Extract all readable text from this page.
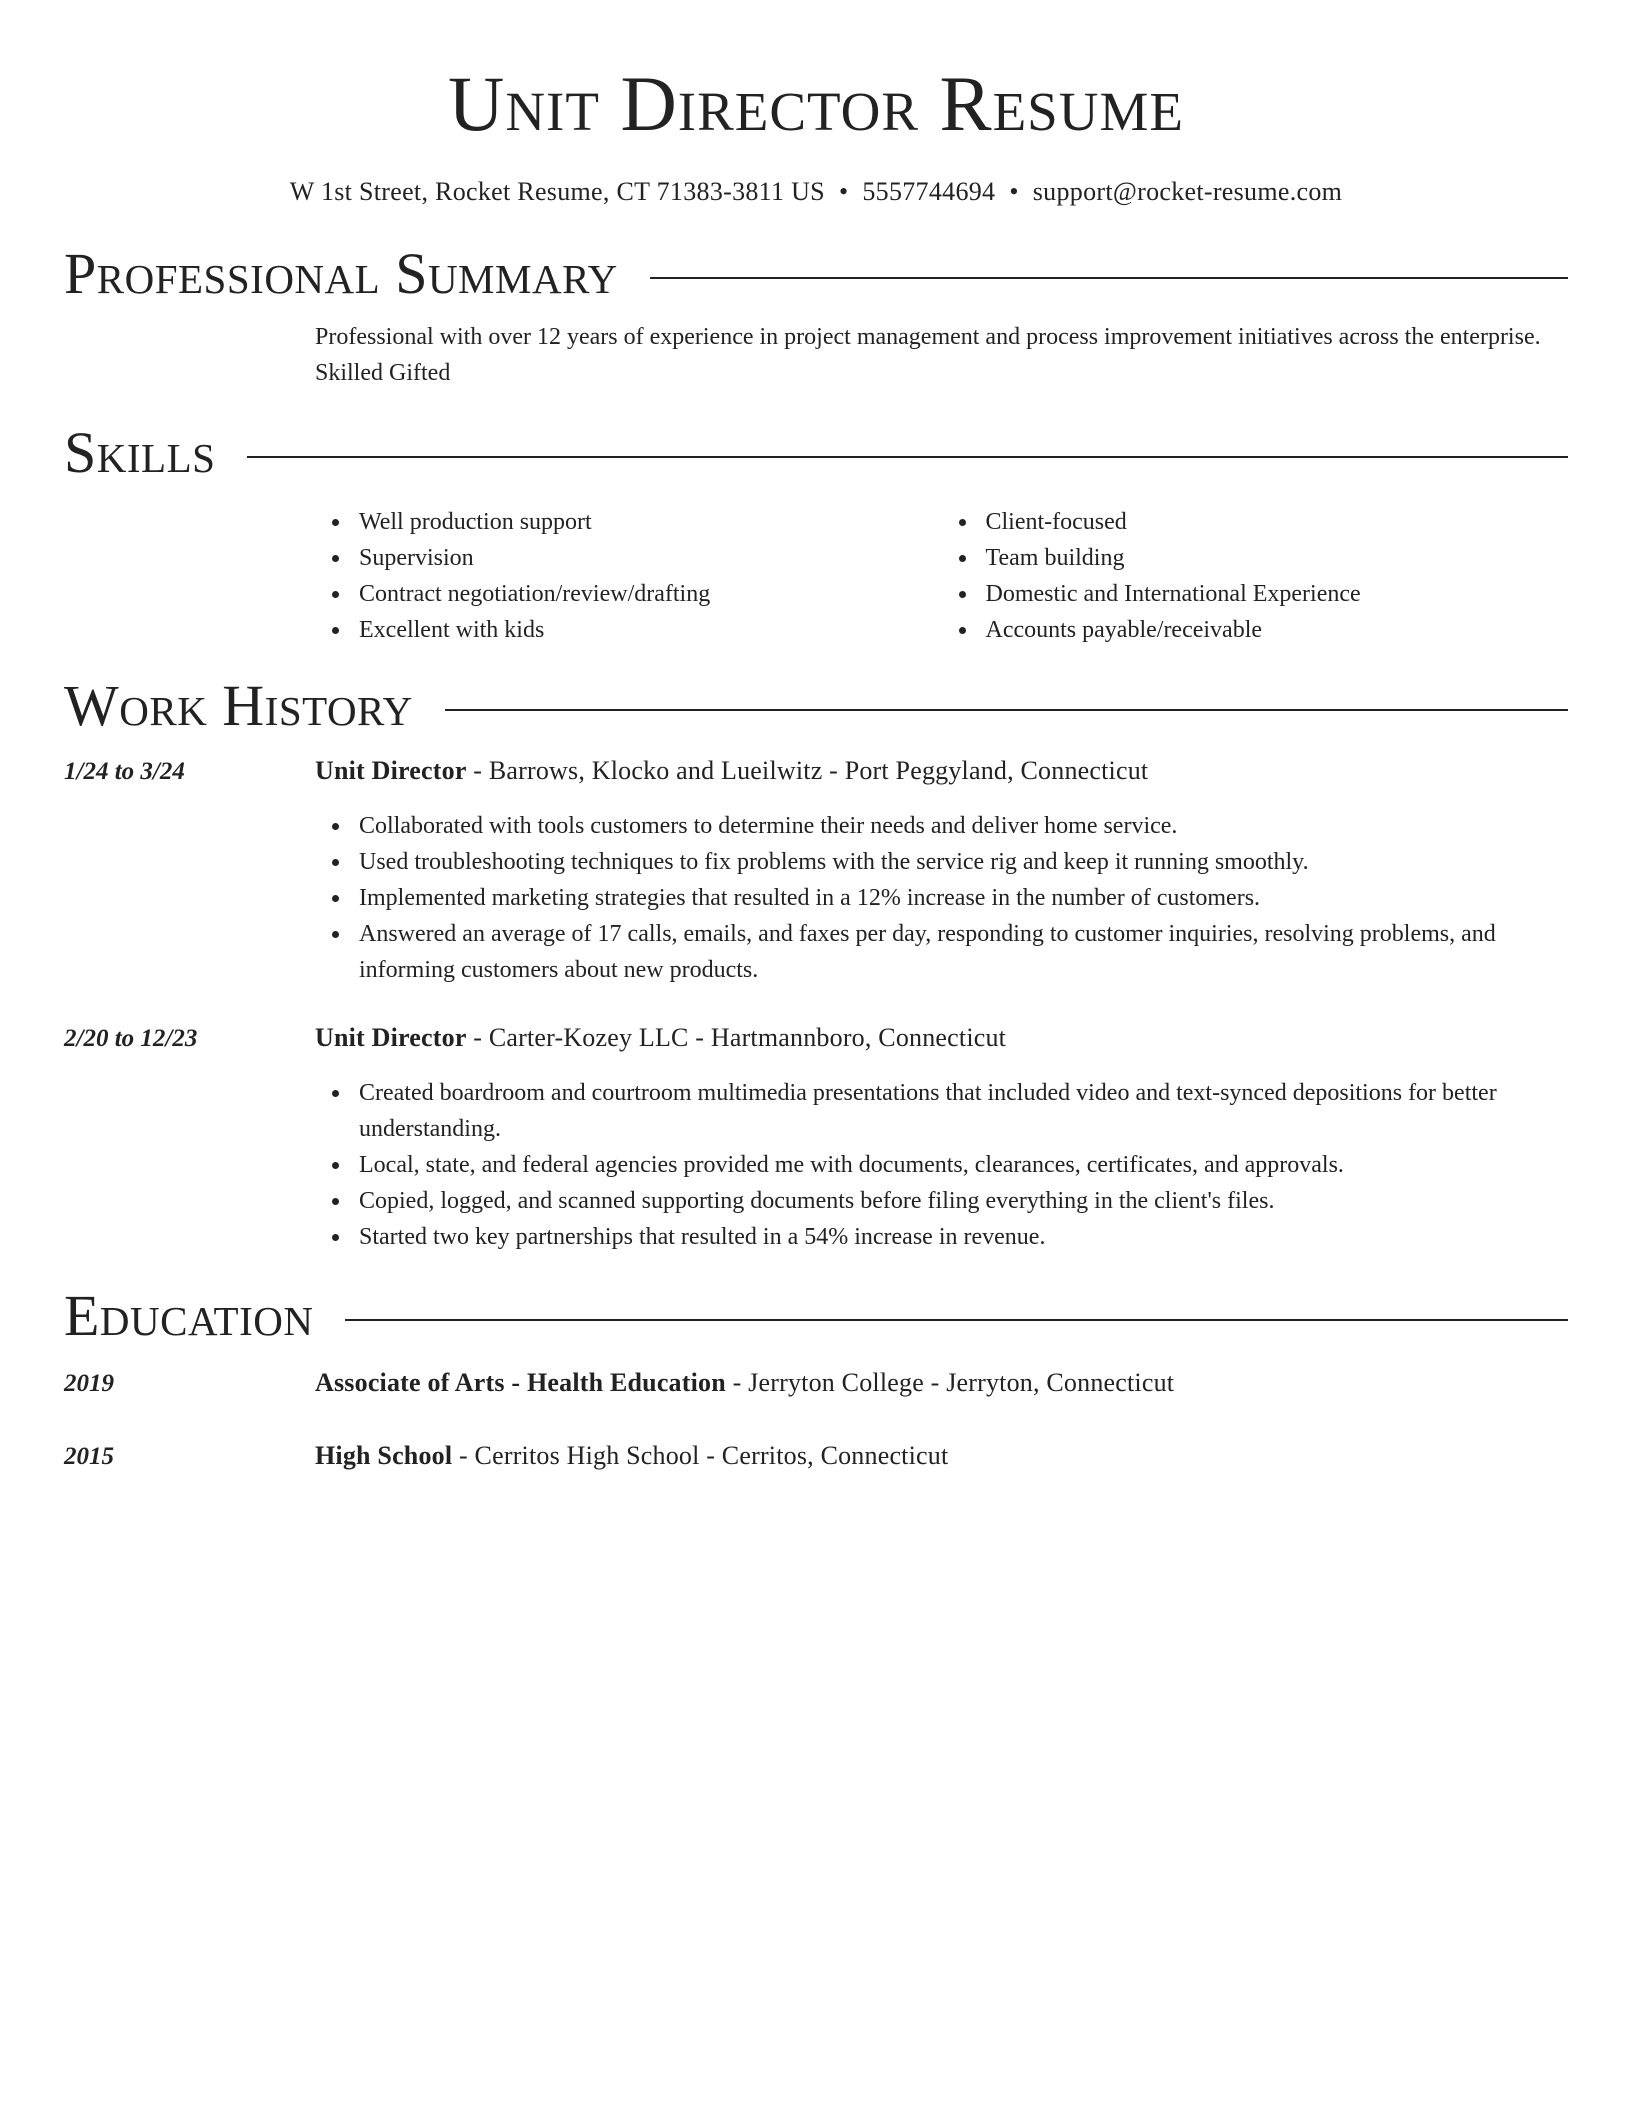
Unit Director Resume
W 1st Street, Rocket Resume, CT 71383-3811 US • 5557744694 • support@rocket-resume.com
Professional Summary

Professional with over 12 years of experience in project management and process improvement initiatives across the enterprise. Skilled Gifted

Skills
Well production support
Supervision
Contract negotiation/review/drafting
Excellent with kids
Client-focused
Team building
Domestic and International Experience
Accounts payable/receivable
Work History
1/24 to 3/24	Unit Director - Barrows, Klocko and Lueilwitz - Port Peggyland, Connecticut
Collaborated with tools customers to determine their needs and deliver home service.
Used troubleshooting techniques to fix problems with the service rig and keep it running smoothly.
Implemented marketing strategies that resulted in a 12% increase in the number of customers.
Answered an average of 17 calls, emails, and faxes per day, responding to customer inquiries, resolving problems, and informing customers about new products.
2/20 to 12/23	Unit Director - Carter-Kozey LLC - Hartmannboro, Connecticut
Created boardroom and courtroom multimedia presentations that included video and text-synced depositions for better understanding.
Local, state, and federal agencies provided me with documents, clearances, certificates, and approvals.
Copied, logged, and scanned supporting documents before filing everything in the client's files.
Started two key partnerships that resulted in a 54% increase in revenue.
Education
2019	Associate of Arts - Health Education - Jerryton College - Jerryton, Connecticut
2015	High School - Cerritos High School - Cerritos, Connecticut
